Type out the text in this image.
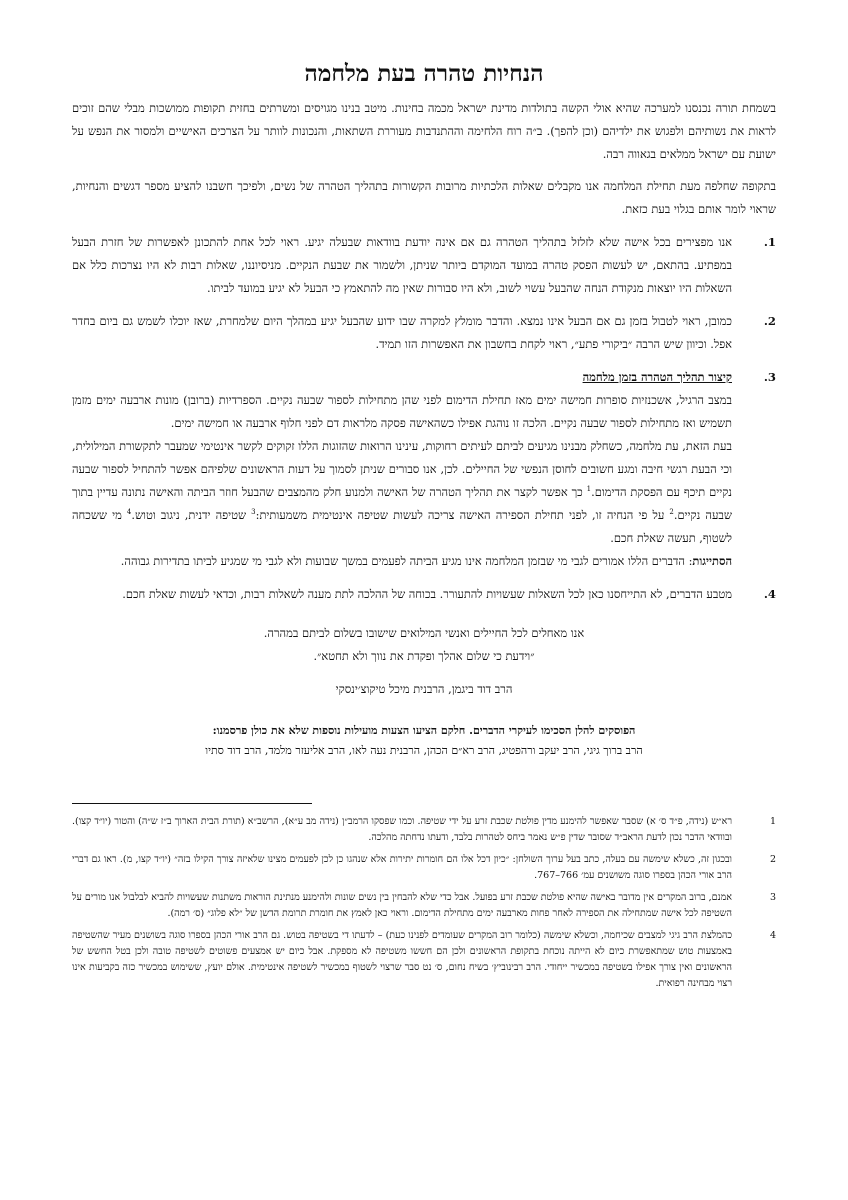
הנחיות טהרה בעת מלחמה

בשמחת תורה נכנסנו למערכה שהיא אולי הקשה בתולדות מדינת ישראל מכמה בחינות. מיטב בנינו מגויסים ומשרתים בחזית תקופות ממושכות מבלי שהם זוכים לראות את נשותיהם ולפגוש את ילדיהם (וכן להפך). ב״ה רוח הלחימה וההתנדבות מעוררת השתאות, והנכונות לוותר על הצרכים האישיים ולמסור את הנפש על ישועת עם ישראל ממלאים בגאווה רבה.

בתקופה שחלפה מעת תחילת המלחמה אנו מקבלים שאלות הלכתיות מרובות הקשורות בתהליך הטהרה של נשים, ולפיכך חשבנו להציע מספר דגשים והנחיות, שראוי לומר אותם בגלוי בעת כזאת.

1.

אנו מפצירים בכל אישה שלא לזלזל בתהליך הטהרה גם אם אינה יודעת בוודאות שבעלה יגיע. ראוי לכל אחת להתכונן לאפשרות של חזרת הבעל במפתיע. בהתאם, יש לעשות הפסק טהרה במועד המוקדם ביותר שניתן, ולשמור את שבעת הנקיים. מניסיוננו, שאלות רבות לא היו נצרכות כלל אם השאלות היו יוצאות מנקודת הנחה שהבעל עשוי לשוב, ולא היו סבורות שאין מה להתאמץ כי הבעל לא יגיע במועד לביתו.

2.

כמובן, ראוי לטבול בזמן גם אם הבעל אינו נמצא. והדבר מומלץ למקרה שבו ידוע שהבעל יגיע במהלך היום שלמחרת, שאז יוכלו לשמש גם ביום בחדר אפל. וכיוון שיש הרבה ״ביקורי פתע״, ראוי לקחת בחשבון את האפשרות הזו תמיד.

3.

קיצור תהליך הטהרה בזמן מלחמה

במצב הרגיל, אשכנזיות סופרות חמישה ימים מאז תחילת הדימום לפני שהן מתחילות לספור שבעה נקיים. הספרדיות (ברובן) מונות ארבעה ימים מזמן תשמיש ואז מתחילות לספור שבעה נקיים. הלכה זו נוהגת אפילו כשהאישה פסקה מלראות דם לפני חלוף ארבעה או חמישה ימים.

בעת הזאת, עת מלחמה, כשחלק מבנינו מגיעים לביתם לעיתים רחוקות, עינינו הרואות שהזוגות הללו זקוקים לקשר אינטימי שמעבר לתקשורת המילולית, וכי הבעת רגשי חיבה ומגע חשובים לחוסן הנפשי של החיילים. לכן, אנו סבורים שניתן לסמוך על דעות הראשונים שלפיהם אפשר להתחיל לספור שבעה נקיים תיכף עם הפסקת הדימום.$^1$ כך אפשר לקצר את תהליך הטהרה של האישה ולמנוע חלק מהמצבים שהבעל חוזר הביתה והאישה נתונה עדיין בתוך שבעה נקיים.$^2$ על פי הנחיה זו, לפני תחילת הספירה האישה צריכה לעשות שטיפה אינטימית משמעותית:$^3$ שטיפה ידנית, ניגוב וטוש.$^4$ מי ששכחה לשטוף, תעשה שאלת חכם.

הסתייגות: הדברים הללו אמורים לגבי מי שבזמן המלחמה אינו מגיע הביתה לפעמים במשך שבועות ולא לגבי מי שמגיע לביתו בתדירות גבוהה.

4.

מטבע הדברים, לא התייחסנו כאן לכל השאלות שעשויות להתעורר. בכוחה של ההלכה לתת מענה לשאלות רבות, וכדאי לעשות שאלת חכם.

אנו מאחלים לכל החיילים ואנשי המילואים שישובו בשלום לביתם במהרה.

״וידעת כי שלום אהלך ופקדת את נווך ולא תחטא״.

הרב דוד ביגמן, הרבנית מיכל טיקוצ׳ינסקי

הפוסקים להלן הסכימו לעיקרי הדברים. חלקם הציעו הצעות מועילות נוספות שלא את כולן פרסמנו:

הרב ברוך גיגי, הרב יעקב ורהפטיג, הרב רא״ם הכהן, הרבנית נעה לאו, הרב אליעזר מלמד, הרב דוד סתיו

1
רא״ש (נידה, פ״ד ס׳ א) שסבר שאפשר להימנע מדין פולטת שכבת זרע על ידי שטיפה. וכמו שפסקו הרמב״ן (נידה מב ע״א), הרשב״א (תורת הבית הארוך ב״ז ש״ה) והטור (יו״ד קצו). ובוודאי הדבר נכון לדעת הראב״ד שסובר שדין פ״ש נאמר ביחס לטהרות בלבד, ודעתו נדחתה מהלכה.
2
ובכגון זה, כשלא שימשה עם בעלה, כתב בעל ערוך השולחן: ״כיון דכל אלו הם חומרות יתירות אלא שנהגו כן לכן לפעמים מצינו שלאיזה צורך הקילו בזה״ (יו״ד קצו, מ). ראו גם דברי הרב אורי הכהן בספרו סוגה משושנים עמ׳ 766–767.
3
אמנם, ברוב המקרים אין מדובר באישה שהיא פולטת שכבת זרע בפועל. אבל כדי שלא להבחין בין נשים שונות ולהימנע מנתינת הוראות משתנות שעשויות להביא לבלבול אנו מורים על השטיפה לכל אישה שמתחילה את הספירה לאחר פחות מארבעה ימים מתחילת הדימום. וראוי כאן לאמץ את חומרת תרומת הדשן של ״לא פלוג״ (ס׳ רמה).
4
כהמלצת הרב גיגי למצבים שכיחמה, וכשלא שימשה (כלומר רוב המקרים שעומדים לפנינו כעת) – לדעתו די בשטיפה בטוש. גם הרב אורי הכהן בספרו סוגה בשושנים מעיר שהשטיפה באמצעות טוש שמתאפשרת כיום לא הייתה נוכחת בתקופת הראשונים ולכן הם חששו משטיפה לא מספקת. אבל כיום יש אמצעים פשוטים לשטיפה טובה ולכן בטל החשש של הראשונים ואין צורך אפילו בשטיפה במכשיר ייחודי. הרב רבינוביץ׳ בשיח נחום, ס׳ נט סבר שרצוי לשטוף במכשיר לשטיפה אינטימית. אולם יועץ, ששימוש במכשיר כזה בקביעות אינו רצוי מבחינה רפואית.
